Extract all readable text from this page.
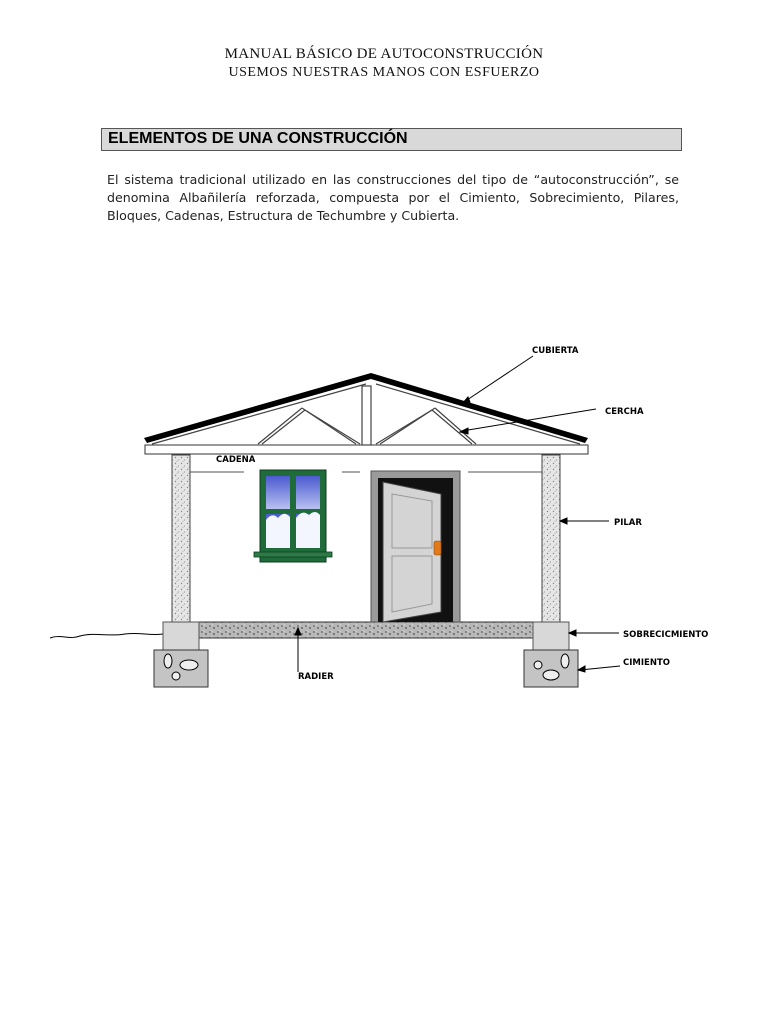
MANUAL BÁSICO DE AUTOCONSTRUCCIÓN
USEMOS NUESTRAS MANOS CON ESFUERZO
ELEMENTOS DE UNA CONSTRUCCIÓN

El sistema tradicional utilizado en las construcciones del tipo de “autoconstrucción”, se denomina Albañilería reforzada, compuesta por el Cimiento, Sobrecimiento, Pilares, Bloques, Cadenas, Estructura de Techumbre y Cubierta.

CUBIERTA
CERCHA
CADENA
PILAR
SOBRECICMIENTO
CIMIENTO
RADIER
